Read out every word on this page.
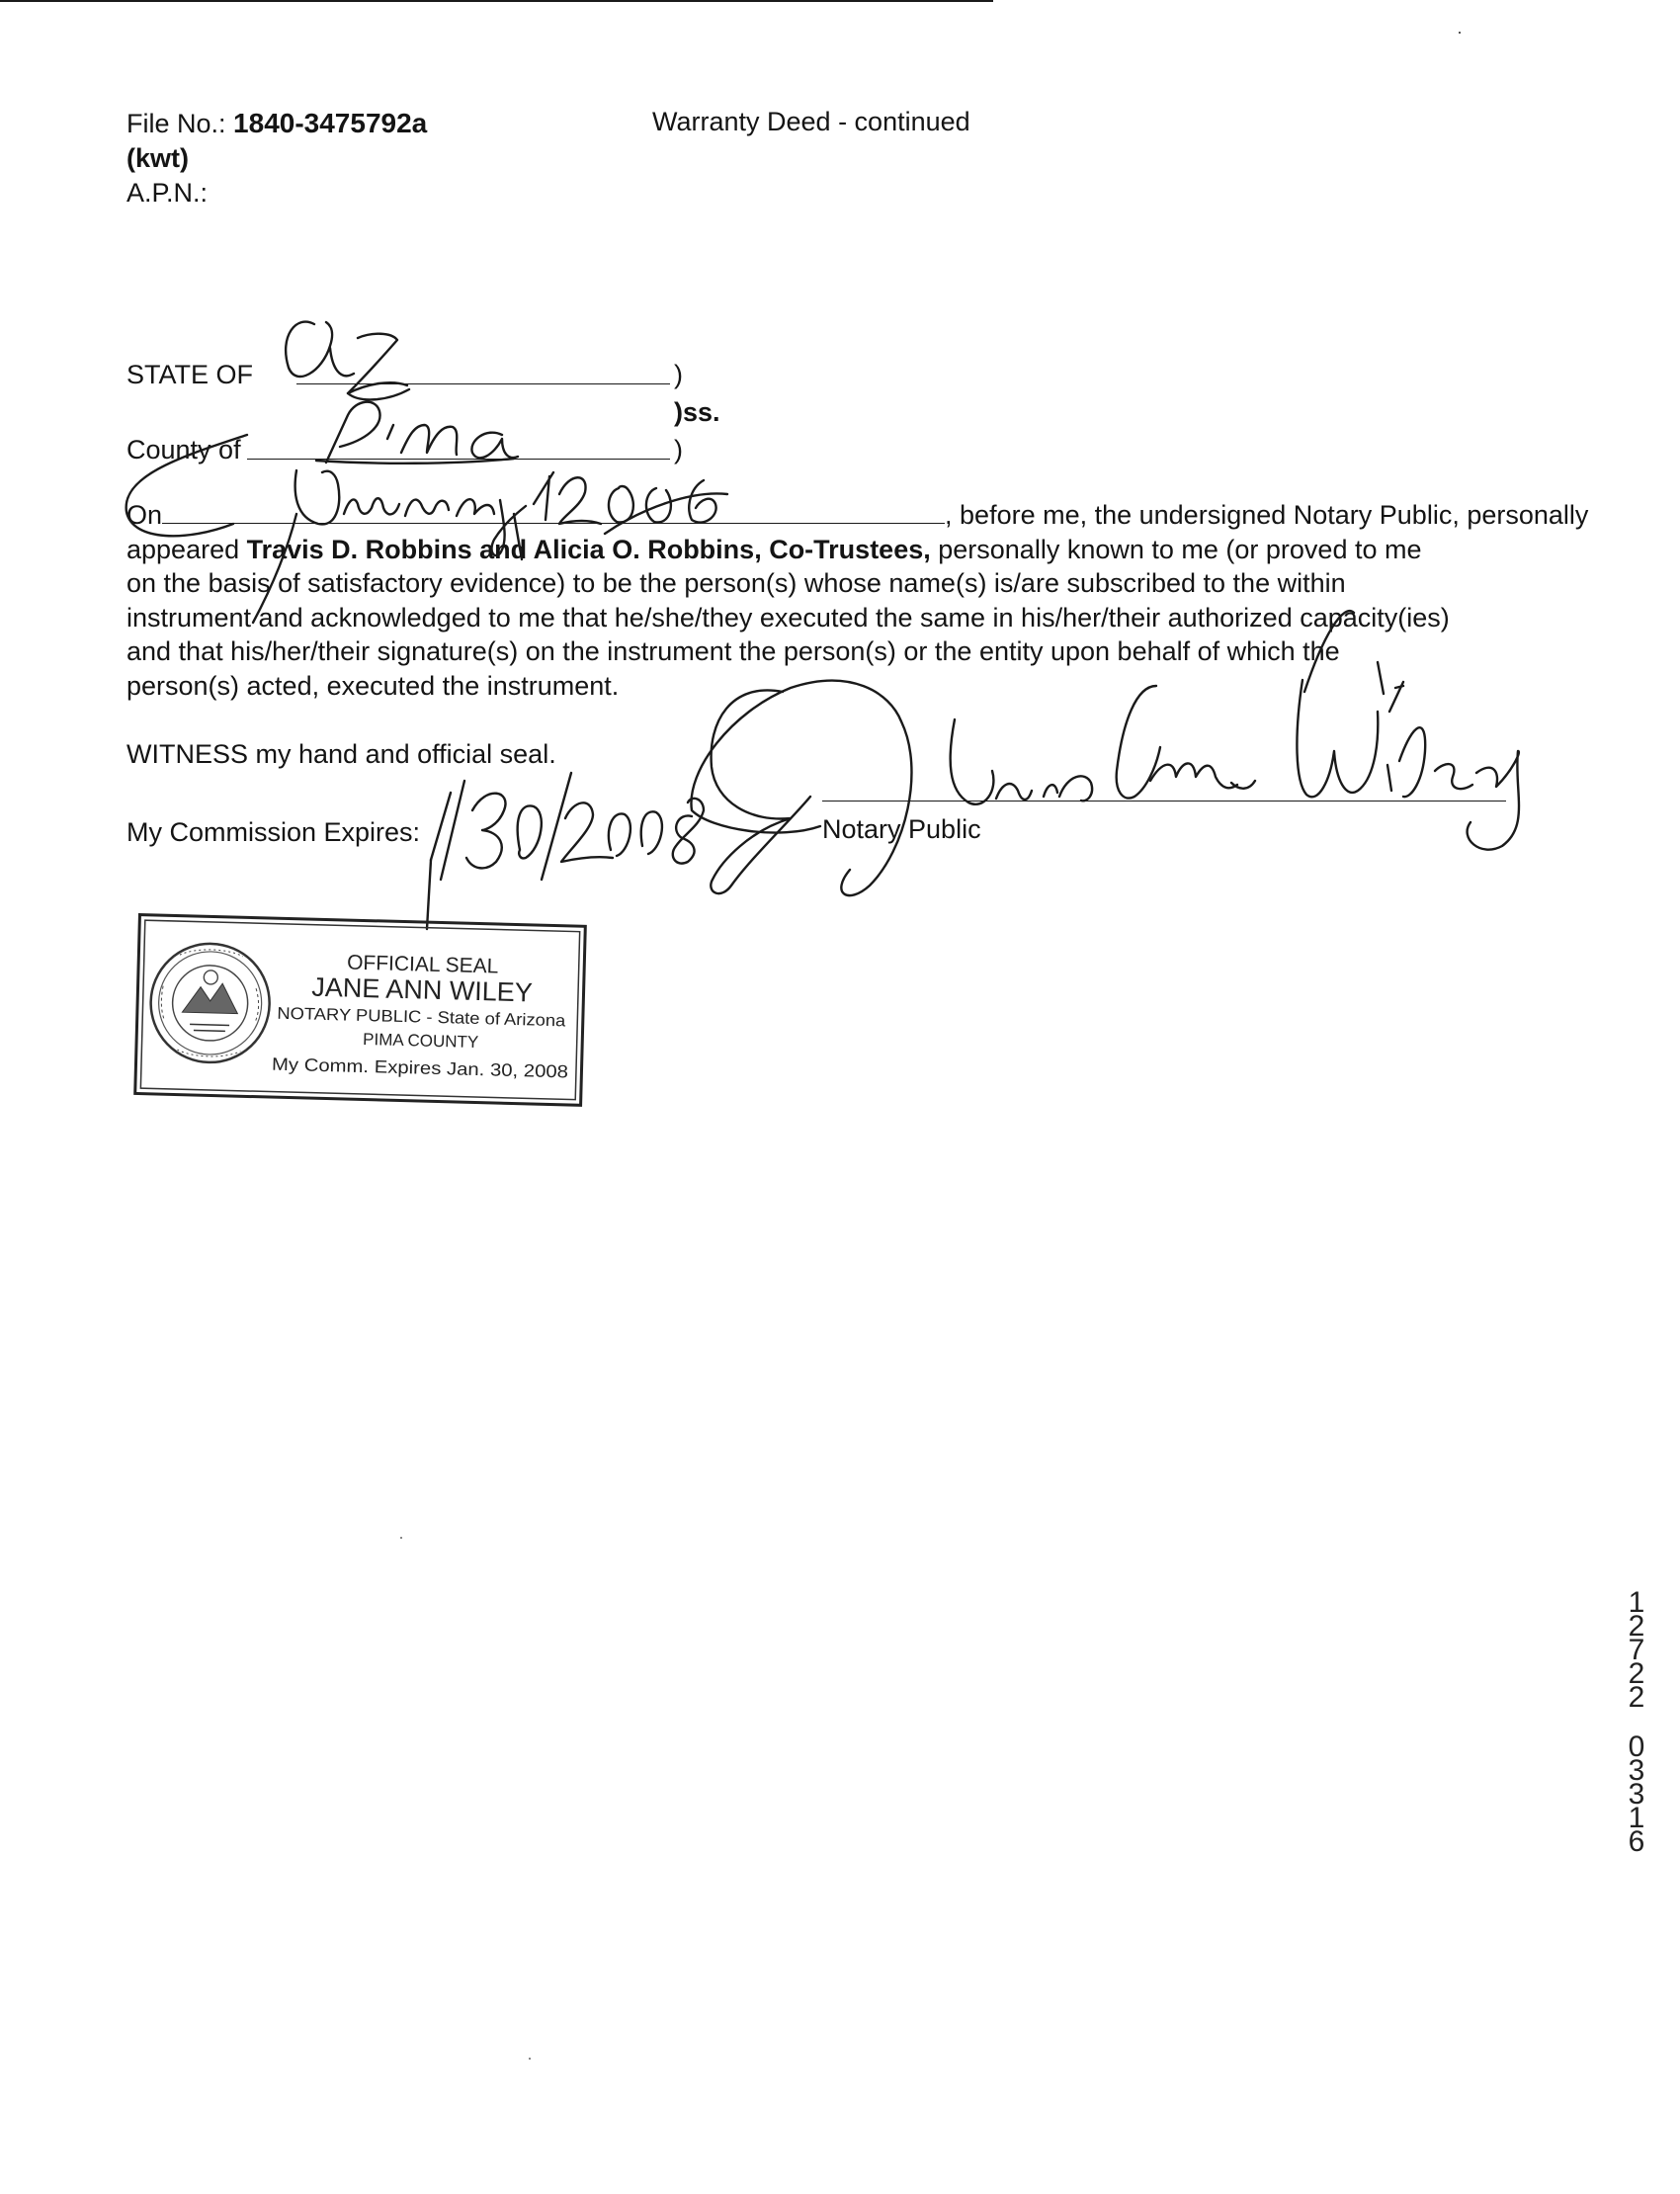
File No.: 1840-3475792a
(kwt)
A.P.N.:
Warranty Deed - continued
STATE OF	)
)ss.
County of	)

On	, before me, the undersigned Notary Public, personally

appeared Travis D. Robbins and Alicia O. Robbins, Co-Trustees, personally known to me (or proved to me

on the basis of satisfactory evidence) to be the person(s) whose name(s) is/are subscribed to the within

instrument and acknowledged to me that he/she/they executed the same in his/her/their authorized capacity(ies)

and that his/her/their signature(s) on the instrument the person(s) or the entity upon behalf of which the

person(s) acted, executed the instrument.

WITNESS my hand and official seal.
My Commission Expires:	Notary Public
OFFICIAL SEAL
JANE ANN WILEY
NOTARY PUBLIC - State of Arizona
PIMA COUNTY
My Comm. Expires Jan. 30, 2008
1
2
7
2
2
0
3
3
1
6
